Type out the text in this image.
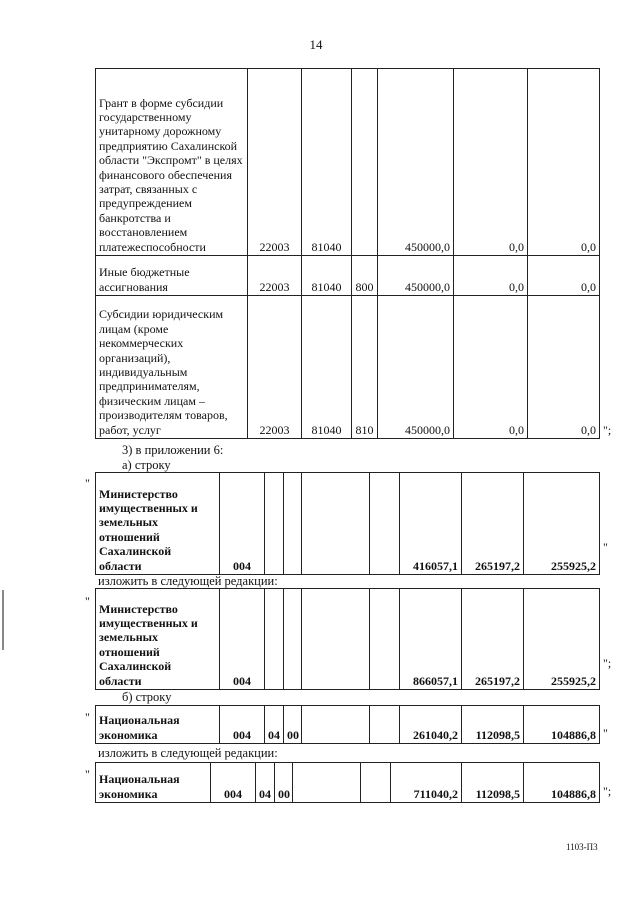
14
Грант в форме субсидии государственному унитарному дорожному предприятию Сахалинской области "Экспромт" в целях финансового обеспечения затрат, связанных с предупреждением банкротства и восстановлением платежеспособности	22003	81040		450000,0	0,0	0,0
Иные бюджетные ассигнования	22003	81040	800	450000,0	0,0	0,0
Субсидии юридическим лицам (кроме некоммерческих организаций), индивидуальным предпринимателям, физическим лицам – производителям товаров, работ, услуг	22003	81040	810	450000,0	0,0	0,0 ";
3) в приложении 6:
а) строку
"
Министерство имущественных и земельных отношений Сахалинской области	004					416057,1	265197,2	255925,2
"
изложить в следующей редакции:
"
Министерство имущественных и земельных отношений Сахалинской области	004					866057,1	265197,2	255925,2
";
б) строку
" Национальная экономика	004	04	00			261040,2	112098,5	104886,8 "
изложить в следующей редакции:
" Национальная экономика	004	04	00			711040,2	112098,5	104886,8 ";
1103-П3
